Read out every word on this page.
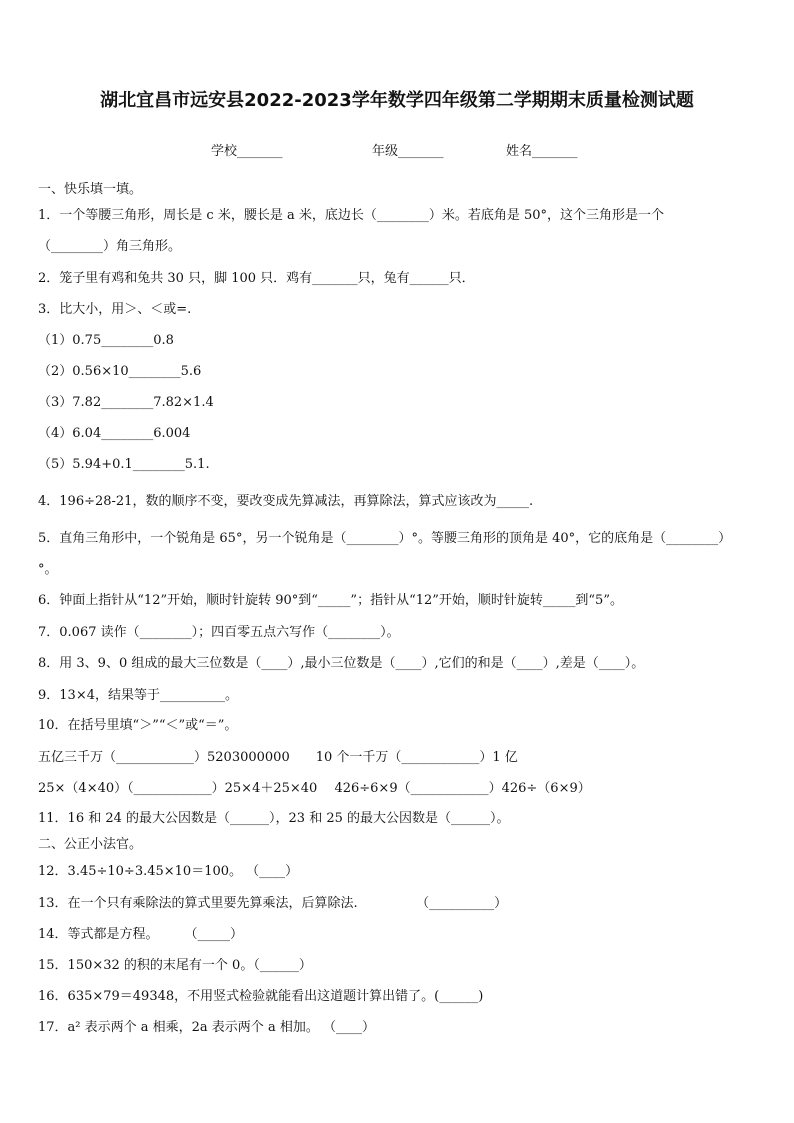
湖北宜昌市远安县2022-2023学年数学四年级第二学期期末质量检测试题
学校_______	年级_______	姓名_______
一、快乐填一填。
1．一个等腰三角形，周长是 c 米，腰长是 a 米，底边长（________）米。若底角是 50°，这个三角形是一个
（________）角三角形。
2．笼子里有鸡和兔共 30 只，脚 100 只．鸡有_______只，兔有______只．
3．比大小，用＞、＜或=.
（1）0.75________0.8
（2）0.56×10________5.6
（3）7.82________7.82×1.4
（4）6.04________6.004
（5）5.94+0.1________5.1.
4．196÷28-21，数的顺序不变，要改变成先算减法，再算除法，算式应该改为_____.
5．直角三角形中，一个锐角是 65°，另一个锐角是（________）°。等腰三角形的顶角是 40°，它的底角是（________）
°。
6．钟面上指针从“12”开始，顺时针旋转 90°到“_____”；指针从“12”开始，顺时针旋转_____到“5”。
7．0.067 读作（________）；四百零五点六写作（________）。
8．用 3、9、0 组成的最大三位数是（____）,最小三位数是（____）,它们的和是（____）,差是（____）。
9．13×4，结果等于__________。
10．在括号里填“＞”“＜”或“＝”。
五亿三千万（____________）5203000000　　10 个一千万（____________）1 亿
25×（4×40）（____________）25×4＋25×40　 426÷6×9（____________）426÷（6×9）
11．16 和 24 的最大公因数是（______），23 和 25 的最大公因数是（______）。
二、公正小法官。
12．3.45÷10÷3.45×10＝100。 （____）
13．在一个只有乘除法的算式里要先算乘法，后算除法.　　　　　（__________）
14．等式都是方程。　　　（_____）
15．150×32 的积的末尾有一个 0。（______）
16．635×79＝49348，不用竖式检验就能看出这道题计算出错了。(______)
17．a² 表示两个 a 相乘，2a 表示两个 a 相加。 （____）
